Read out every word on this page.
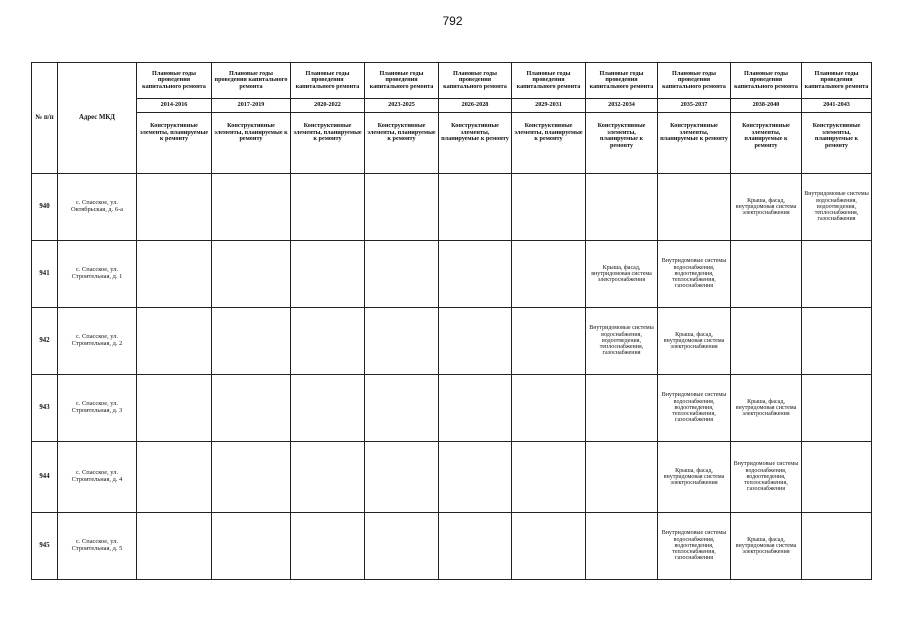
792
№ п/п	Адрес МКД	Плановые годы проведения капитального ремонта	Плановые годы проведения капитального ремонта	Плановые годы проведения капитального ремонта	Плановые годы проведения капитального ремонта	Плановые годы проведения капитального ремонта	Плановые годы проведения капитального ремонта	Плановые годы проведения капитального ремонта	Плановые годы проведения капитального ремонта	Плановые годы проведения капитального ремонта	Плановые годы проведения капитального ремонта
		2014-2016	2017-2019	2020-2022	2023-2025	2026-2028	2029-2031	2032-2034	2035-2037	2038-2040	2041-2043
		Конструктивные элементы, планируемые к ремонту	Конструктивные элементы, планируемые к ремонту	Конструктивные элементы, планируемые к ремонту	Конструктивные элементы, планируемые к ремонту	Конструктивные элементы, планируемые к ремонту	Конструктивные элементы, планируемые к ремонту	Конструктивные элементы, планируемые к ремонту	Конструктивные элементы, планируемые к ремонту	Конструктивные элементы, планируемые к ремонту	Конструктивные элементы, планируемые к ремонту
940	с. Спасское, ул. Октябрьская, д. 6-а									Крыша, фасад, внутридомовая система электроснабжения	Внутридомовые системы водоснабжения, водоотведения, теплоснабжения, газоснабжения
941	с. Спасское, ул. Строительная, д. 1							Крыша, фасад, внутридомовая система электроснабжения	Внутридомовые системы водоснабжения, водоотведения, теплоснабжения, газоснабжения		
942	с. Спасское, ул. Строительная, д. 2							Внутридомовые системы водоснабжения, водоотведения, теплоснабжения, газоснабжения	Крыша, фасад, внутридомовая система электроснабжения		
943	с. Спасское, ул. Строительная, д. 3								Внутридомовые системы водоснабжения, водоотведения, теплоснабжения, газоснабжения	Крыша, фасад, внутридомовая система электроснабжения	
944	с. Спасское, ул. Строительная, д. 4								Крыша, фасад, внутридомовая система электроснабжения	Внутридомовые системы водоснабжения, водоотведения, теплоснабжения, газоснабжения	
945	с. Спасское, ул. Строительная, д. 5								Внутридомовые системы водоснабжения, водоотведения, теплоснабжения, газоснабжения	Крыша, фасад, внутридомовая система электроснабжения	
